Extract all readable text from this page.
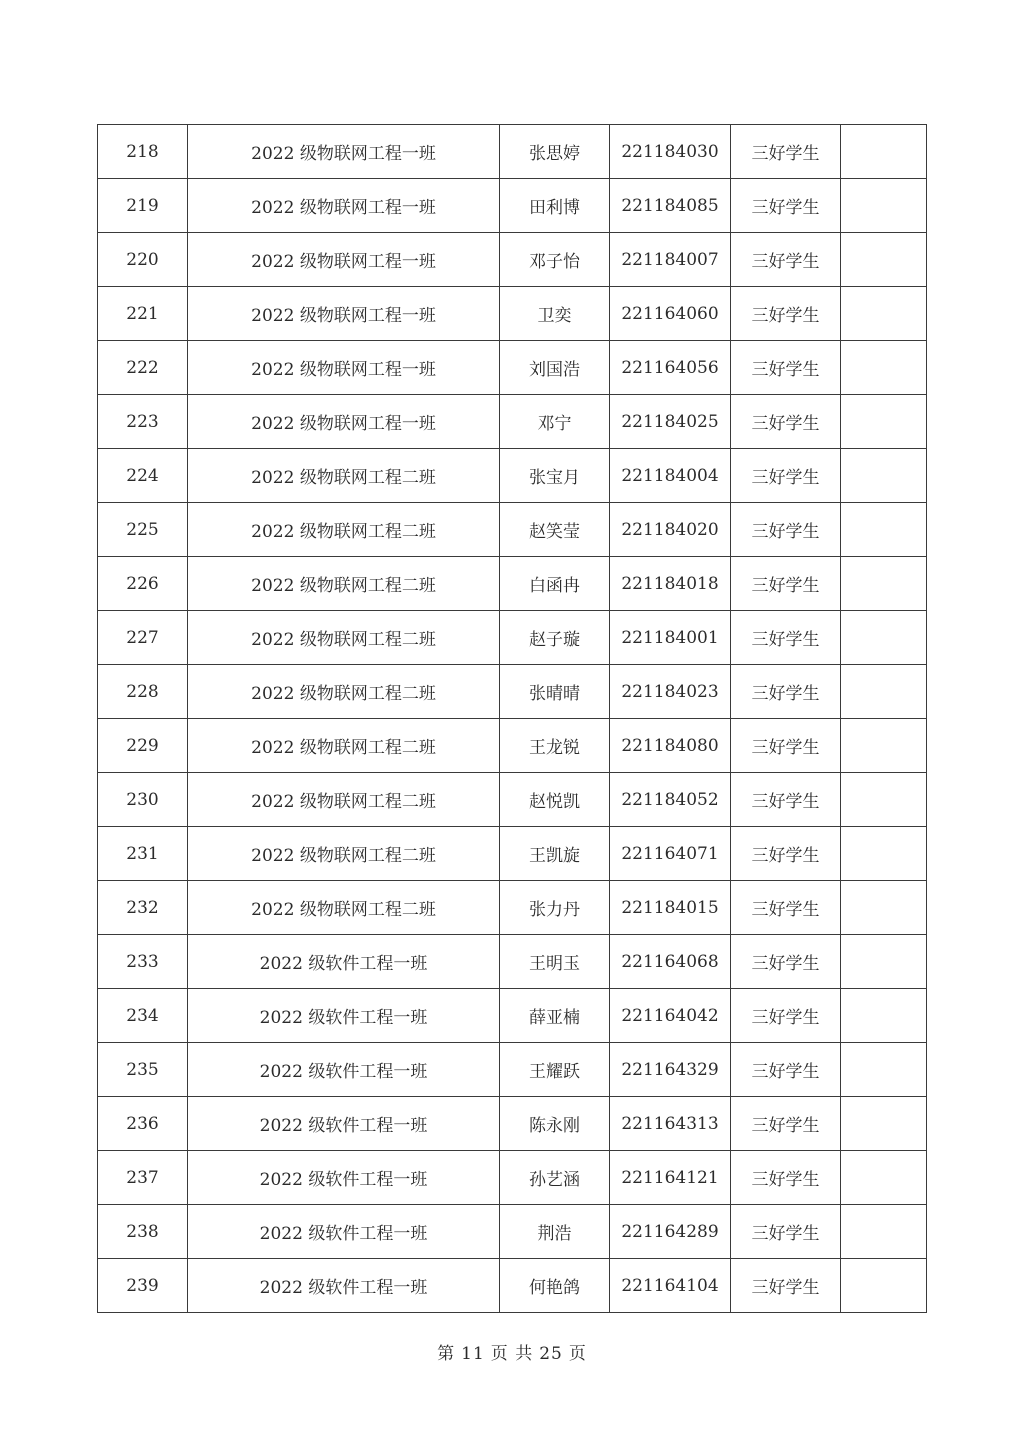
218	2022 级物联网工程一班	张思婷	221184030	三好学生	
219	2022 级物联网工程一班	田利博	221184085	三好学生	
220	2022 级物联网工程一班	邓子怡	221184007	三好学生	
221	2022 级物联网工程一班	卫奕	221164060	三好学生	
222	2022 级物联网工程一班	刘国浩	221164056	三好学生	
223	2022 级物联网工程一班	邓宁	221184025	三好学生	
224	2022 级物联网工程二班	张宝月	221184004	三好学生	
225	2022 级物联网工程二班	赵笑莹	221184020	三好学生	
226	2022 级物联网工程二班	白函冉	221184018	三好学生	
227	2022 级物联网工程二班	赵子璇	221184001	三好学生	
228	2022 级物联网工程二班	张晴晴	221184023	三好学生	
229	2022 级物联网工程二班	王龙锐	221184080	三好学生	
230	2022 级物联网工程二班	赵悦凯	221184052	三好学生	
231	2022 级物联网工程二班	王凯旋	221164071	三好学生	
232	2022 级物联网工程二班	张力丹	221184015	三好学生	
233	2022 级软件工程一班	王明玉	221164068	三好学生	
234	2022 级软件工程一班	薛亚楠	221164042	三好学生	
235	2022 级软件工程一班	王耀跃	221164329	三好学生	
236	2022 级软件工程一班	陈永刚	221164313	三好学生	
237	2022 级软件工程一班	孙艺涵	221164121	三好学生	
238	2022 级软件工程一班	荆浩	221164289	三好学生	
239	2022 级软件工程一班	何艳鸽	221164104	三好学生	
第 11 页 共 25 页
